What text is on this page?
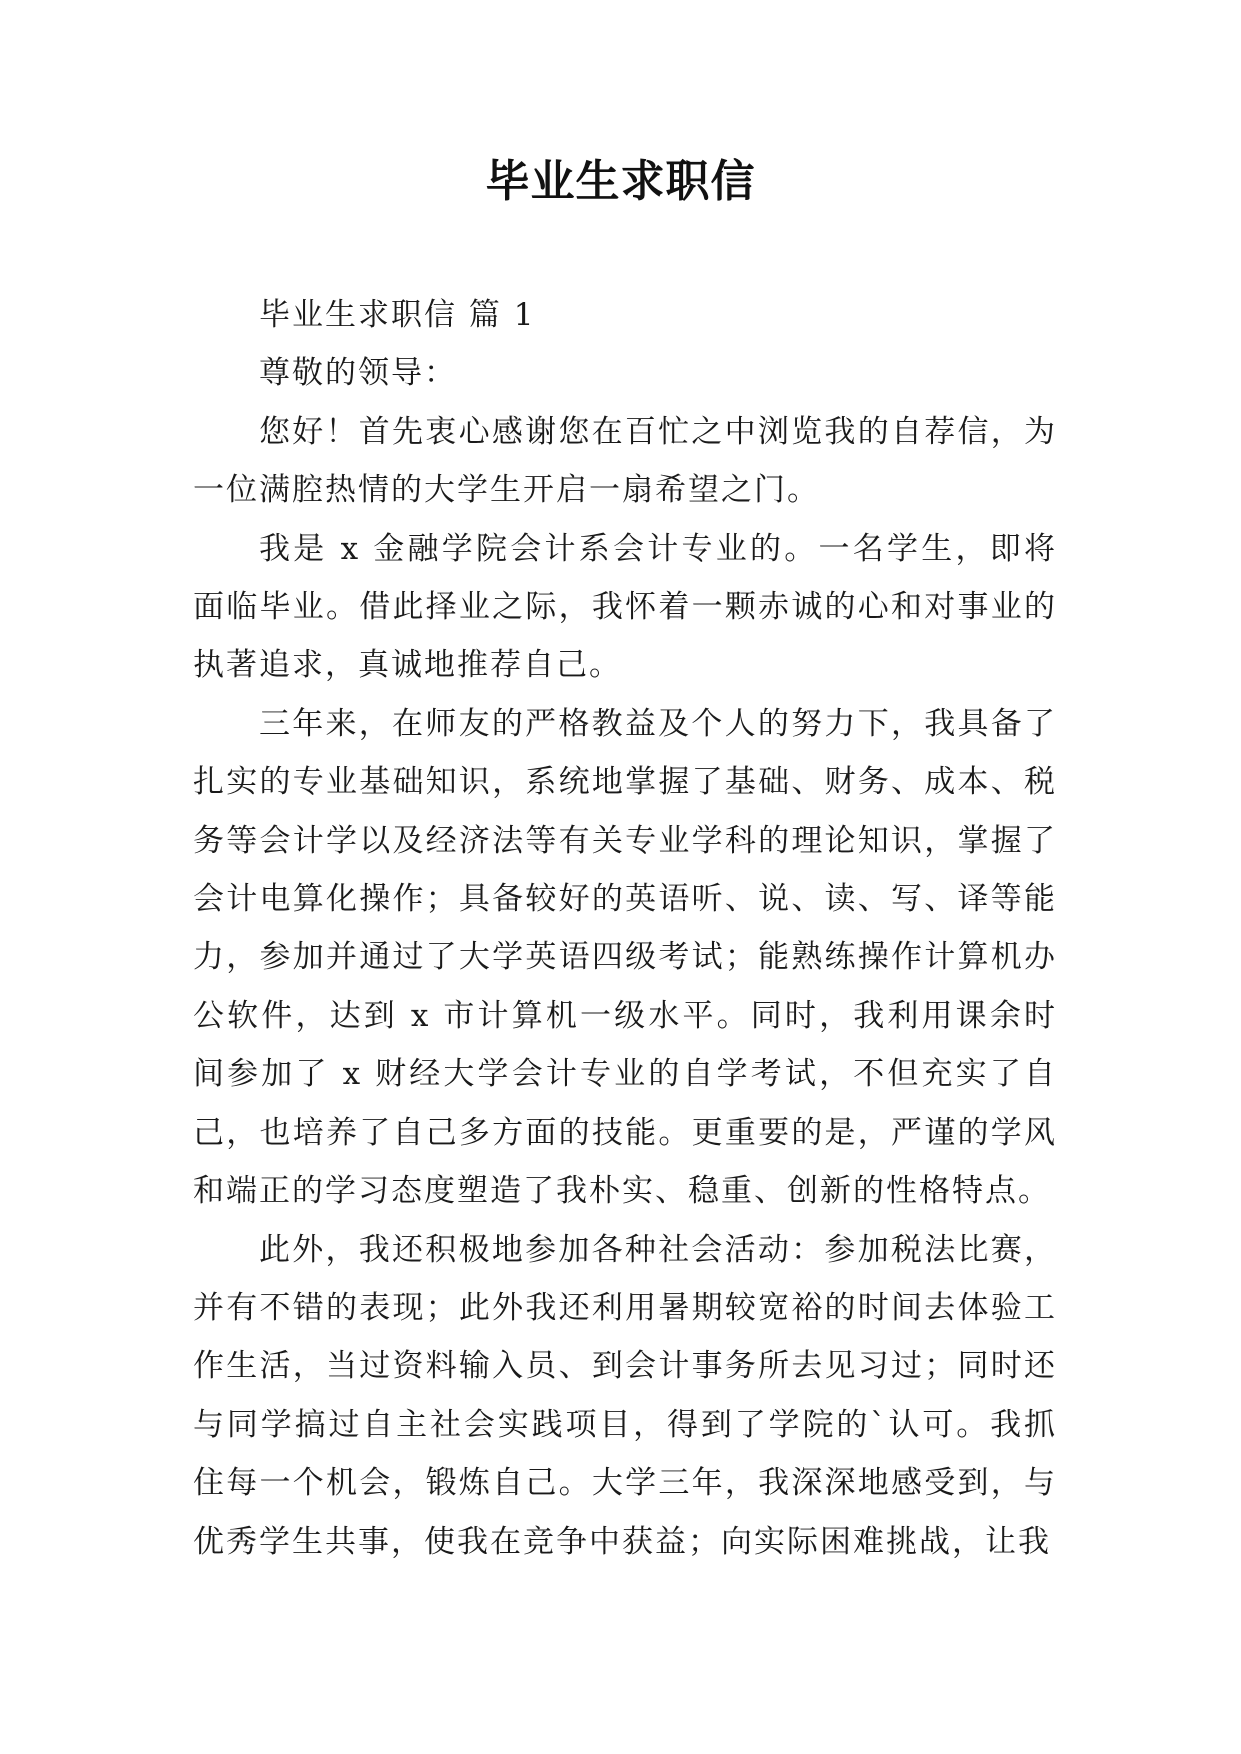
毕业生求职信

毕业生求职信 篇 1

尊敬的领导：

您好！首先衷心感谢您在百忙之中浏览我的自荐信，为一位满腔热情的大学生开启一扇希望之门。

我是 x 金融学院会计系会计专业的。一名学生，即将面临毕业。借此择业之际，我怀着一颗赤诚的心和对事业的执著追求，真诚地推荐自己。

三年来，在师友的严格教益及个人的努力下，我具备了扎实的专业基础知识，系统地掌握了基础、财务、成本、税务等会计学以及经济法等有关专业学科的理论知识，掌握了会计电算化操作；具备较好的英语听、说、读、写、译等能力，参加并通过了大学英语四级考试；能熟练操作计算机办公软件，达到 x 市计算机一级水平。同时，我利用课余时间参加了 x 财经大学会计专业的自学考试，不但充实了自己，也培养了自己多方面的技能。更重要的是，严谨的学风和端正的学习态度塑造了我朴实、稳重、创新的性格特点。

此外，我还积极地参加各种社会活动：参加税法比赛，并有不错的表现；此外我还利用暑期较宽裕的时间去体验工作生活，当过资料输入员、到会计事务所去见习过；同时还与同学搞过自主社会实践项目，得到了学院的`认可。我抓住每一个机会，锻炼自己。大学三年，我深深地感受到，与优秀学生共事，使我在竞争中获益；向实际困难挑战，让我
